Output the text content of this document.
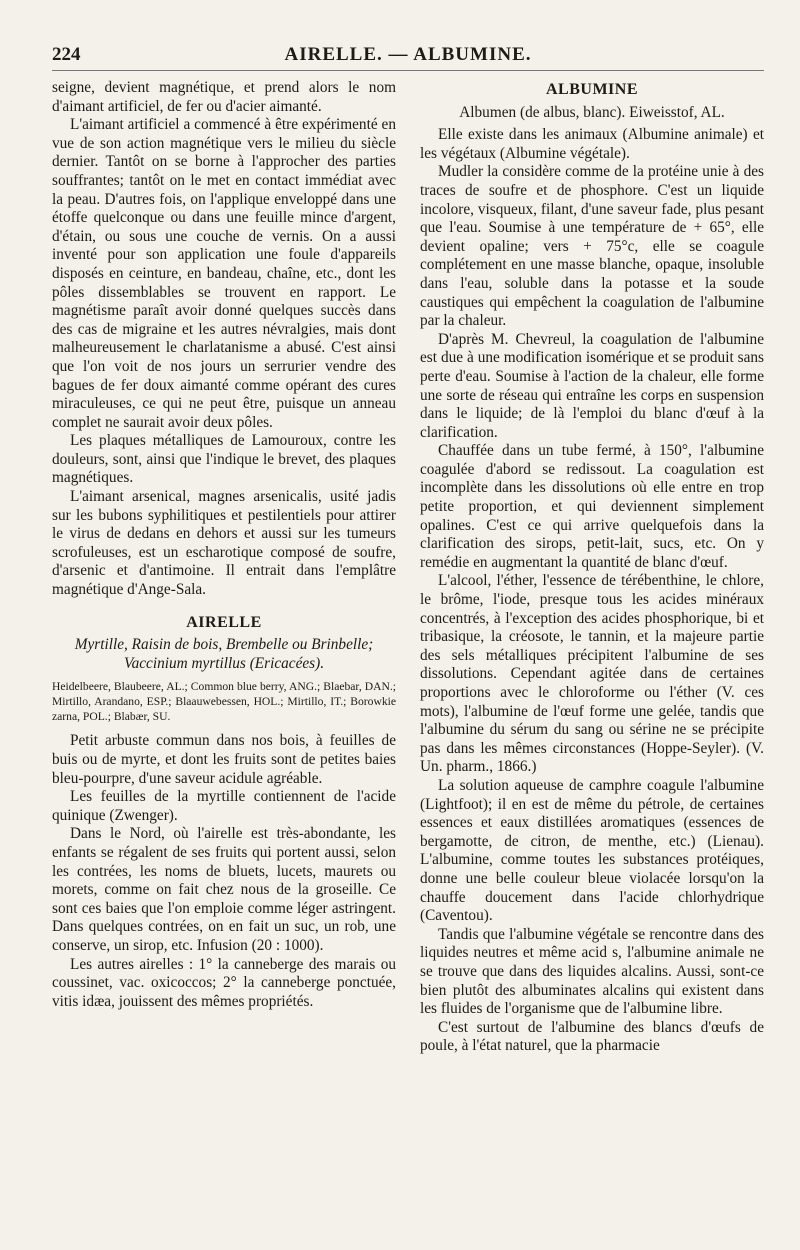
224	AIRELLE. — ALBUMINE.

seigne, devient magnétique, et prend alors le nom d'aimant artificiel, de fer ou d'acier aimanté.

L'aimant artificiel a commencé à être expérimenté en vue de son action magnétique vers le milieu du siècle dernier. Tantôt on se borne à l'approcher des parties souffrantes; tantôt on le met en contact immédiat avec la peau. D'autres fois, on l'applique enveloppé dans une étoffe quelconque ou dans une feuille mince d'argent, d'étain, ou sous une couche de vernis. On a aussi inventé pour son application une foule d'appareils disposés en ceinture, en bandeau, chaîne, etc., dont les pôles dissemblables se trouvent en rapport. Le magnétisme paraît avoir donné quelques succès dans des cas de migraine et les autres névralgies, mais dont malheureusement le charlatanisme a abusé. C'est ainsi que l'on voit de nos jours un serrurier vendre des bagues de fer doux aimanté comme opérant des cures miraculeuses, ce qui ne peut être, puisque un anneau complet ne saurait avoir deux pôles.

Les plaques métalliques de Lamouroux, contre les douleurs, sont, ainsi que l'indique le brevet, des plaques magnétiques.

L'aimant arsenical, magnes arsenicalis, usité jadis sur les bubons syphilitiques et pestilentiels pour attirer le virus de dedans en dehors et aussi sur les tumeurs scrofuleuses, est un escharotique composé de soufre, d'arsenic et d'antimoine. Il entrait dans l'emplâtre magnétique d'Ange-Sala.

AIRELLE

Myrtille, Raisin de bois, Brembelle ou Brinbelle; Vaccinium myrtillus (Ericacées).

Heidelbeere, Blaubeere, AL.; Common blue berry, ANG.; Blaebar, DAN.; Mirtillo, Arandano, ESP.; Blaauwebessen, HOL.; Mirtillo, IT.; Borowkie zarna, POL.; Blabær, SU.

Petit arbuste commun dans nos bois, à feuilles de buis ou de myrte, et dont les fruits sont de petites baies bleu-pourpre, d'une saveur acidule agréable.

Les feuilles de la myrtille contiennent de l'acide quinique (Zwenger).

Dans le Nord, où l'airelle est très-abondante, les enfants se régalent de ses fruits qui portent aussi, selon les contrées, les noms de bluets, lucets, maurets ou morets, comme on fait chez nous de la groseille. Ce sont ces baies que l'on emploie comme léger astringent. Dans quelques contrées, on en fait un suc, un rob, une conserve, un sirop, etc. Infusion (20 : 1000).

Les autres airelles : 1° la canneberge des marais ou coussinet, vac. oxicoccos; 2° la canneberge ponctuée, vitis idæa, jouissent des mêmes propriétés.

ALBUMINE

Albumen (de albus, blanc). Eiweisstof, AL.

Elle existe dans les animaux (Albumine animale) et les végétaux (Albumine végétale).

Mudler la considère comme de la protéine unie à des traces de soufre et de phosphore. C'est un liquide incolore, visqueux, filant, d'une saveur fade, plus pesant que l'eau. Soumise à une température de + 65°, elle devient opaline; vers + 75°c, elle se coagule complétement en une masse blanche, opaque, insoluble dans l'eau, soluble dans la potasse et la soude caustiques qui empêchent la coagulation de l'albumine par la chaleur.

D'après M. Chevreul, la coagulation de l'albumine est due à une modification isomérique et se produit sans perte d'eau. Soumise à l'action de la chaleur, elle forme une sorte de réseau qui entraîne les corps en suspension dans le liquide; de là l'emploi du blanc d'œuf à la clarification.

Chauffée dans un tube fermé, à 150°, l'albumine coagulée d'abord se redissout. La coagulation est incomplète dans les dissolutions où elle entre en trop petite proportion, et qui deviennent simplement opalines. C'est ce qui arrive quelquefois dans la clarification des sirops, petit-lait, sucs, etc. On y remédie en augmentant la quantité de blanc d'œuf.

L'alcool, l'éther, l'essence de térébenthine, le chlore, le brôme, l'iode, presque tous les acides minéraux concentrés, à l'exception des acides phosphorique, bi et tribasique, la créosote, le tannin, et la majeure partie des sels métalliques précipitent l'albumine de ses dissolutions. Cependant agitée dans de certaines proportions avec le chloroforme ou l'éther (V. ces mots), l'albumine de l'œuf forme une gelée, tandis que l'albumine du sérum du sang ou sérine ne se précipite pas dans les mêmes circonstances (Hoppe-Seyler). (V. Un. pharm., 1866.)

La solution aqueuse de camphre coagule l'albumine (Lightfoot); il en est de même du pétrole, de certaines essences et eaux distillées aromatiques (essences de bergamotte, de citron, de menthe, etc.) (Lienau). L'albumine, comme toutes les substances protéiques, donne une belle couleur bleue violacée lorsqu'on la chauffe doucement dans l'acide chlorhydrique (Caventou).

Tandis que l'albumine végétale se rencontre dans des liquides neutres et même acid s, l'albumine animale ne se trouve que dans des liquides alcalins. Aussi, sont-ce bien plutôt des albuminates alcalins qui existent dans les fluides de l'organisme que de l'albumine libre.

C'est surtout de l'albumine des blancs d'œufs de poule, à l'état naturel, que la pharmacie
